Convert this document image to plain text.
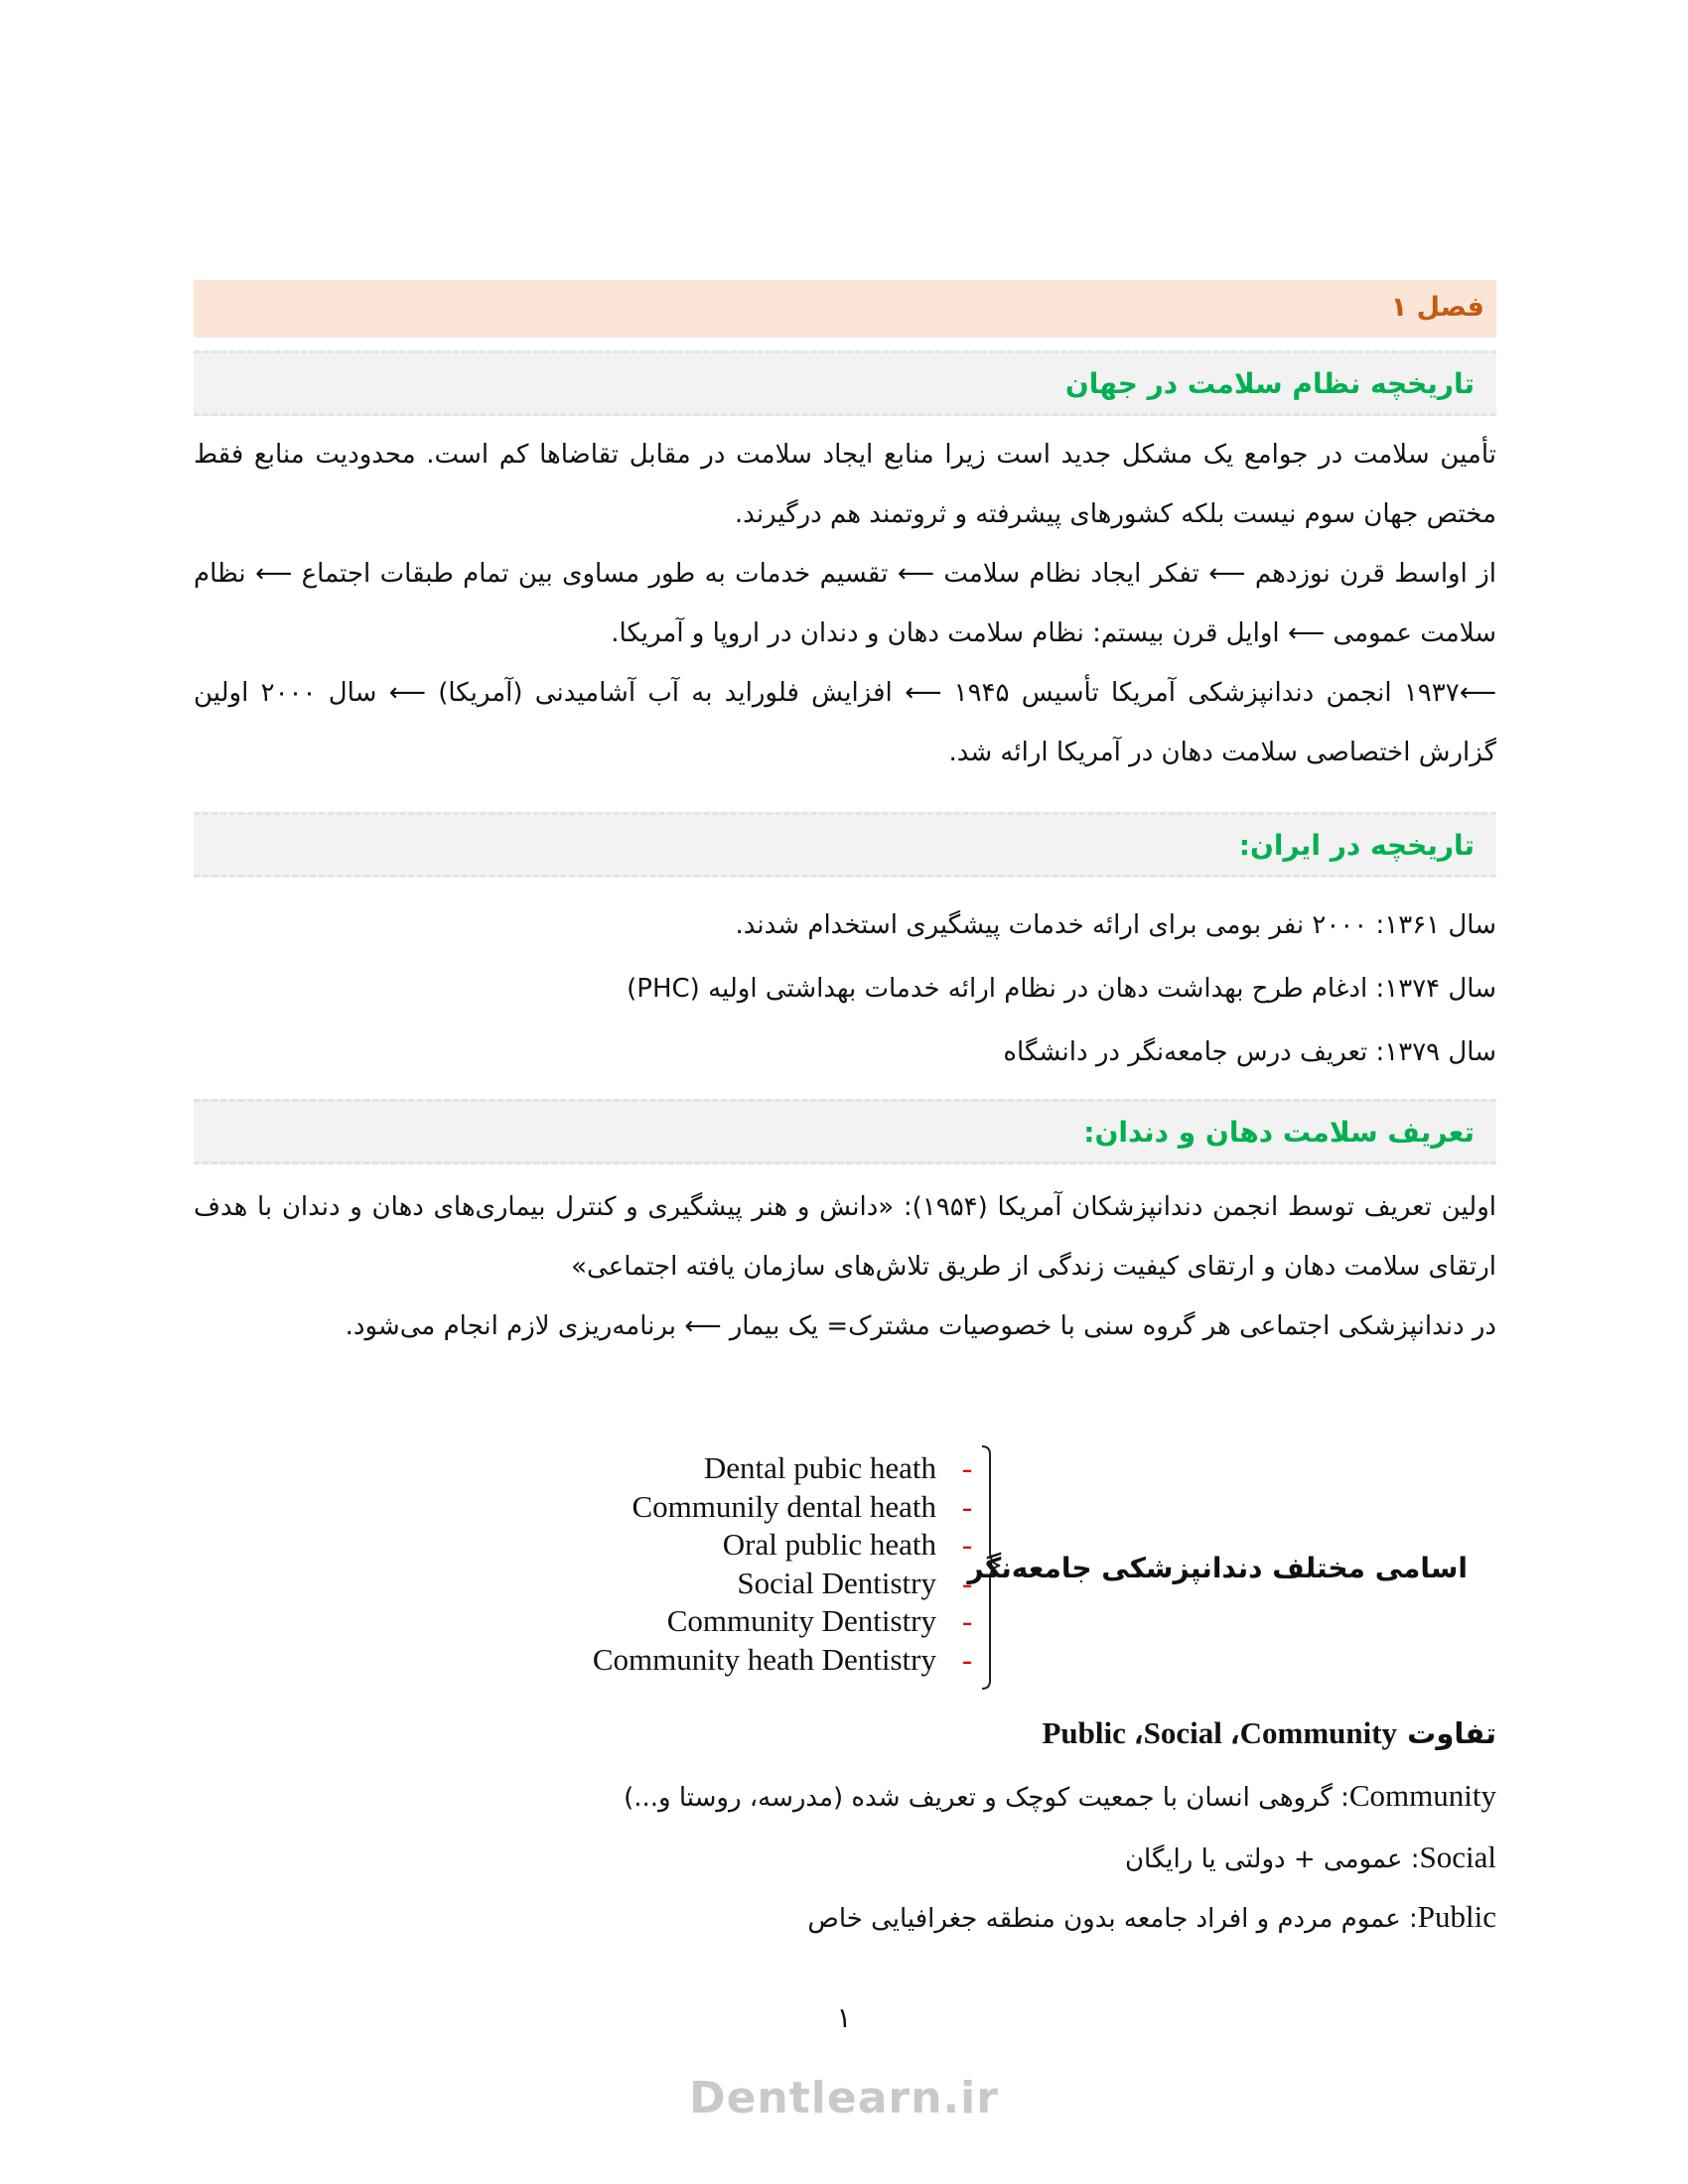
فصل ۱
تاریخچه نظام سلامت در جهان
تأمین سلامت در جوامع یک مشکل جدید است زیرا منابع ایجاد سلامت در مقابل تقاضاها کم است. محدودیت منابع فقط مختص جهان سوم نیست بلکه کشورهای پیشرفته و ثروتمند هم درگیرند.
از اواسط قرن نوزدهم ⟵ تفکر ایجاد نظام سلامت ⟵ تقسیم خدمات به طور مساوی بین تمام طبقات اجتماع ⟵ نظام سلامت عمومی ⟵ اوایل قرن بیستم: نظام سلامت دهان و دندان در اروپا و آمریکا.
⟵۱۹۳۷ انجمن دندانپزشکی آمریکا تأسیس ۱۹۴۵ ⟵ افزایش فلوراید به آب آشامیدنی (آمریکا) ⟵ سال ۲۰۰۰ اولین گزارش اختصاصی سلامت دهان در آمریکا ارائه شد.
تاریخچه در ایران:
سال ۱۳۶۱: ۲۰۰۰ نفر بومی برای ارائه خدمات پیشگیری استخدام شدند.
سال ۱۳۷۴: ادغام طرح بهداشت دهان در نظام ارائه خدمات بهداشتی اولیه (PHC)
سال ۱۳۷۹: تعریف درس جامعه‌نگر در دانشگاه
تعریف سلامت دهان و دندان:
اولین تعریف توسط انجمن دندانپزشکان آمریکا (۱۹۵۴): «دانش و هنر پیشگیری و کنترل بیماری‌های دهان و دندان با هدف ارتقای سلامت دهان و ارتقای کیفیت زندگی از طریق تلاش‌های سازمان یافته اجتماعی»
در دندانپزشکی اجتماعی هر گروه سنی با خصوصیات مشترک= یک بیمار ⟵ برنامه‌ریزی لازم انجام می‌شود.
Dental pubic heath
Communily dental heath
Oral public heath
Social Dentistry
Community Dentistry
Community heath Dentistry
-
-
-
-
-
-
اسامی مختلف دندانپزشکی جامعه‌نگر
تفاوت Public ،Social ،Community
Community: گروهی انسان با جمعیت کوچک و تعریف شده (مدرسه، روستا و...)
Social: عمومی + دولتی یا رایگان
Public: عموم مردم و افراد جامعه بدون منطقه جغرافیایی خاص
۱
Dentlearn.ir
